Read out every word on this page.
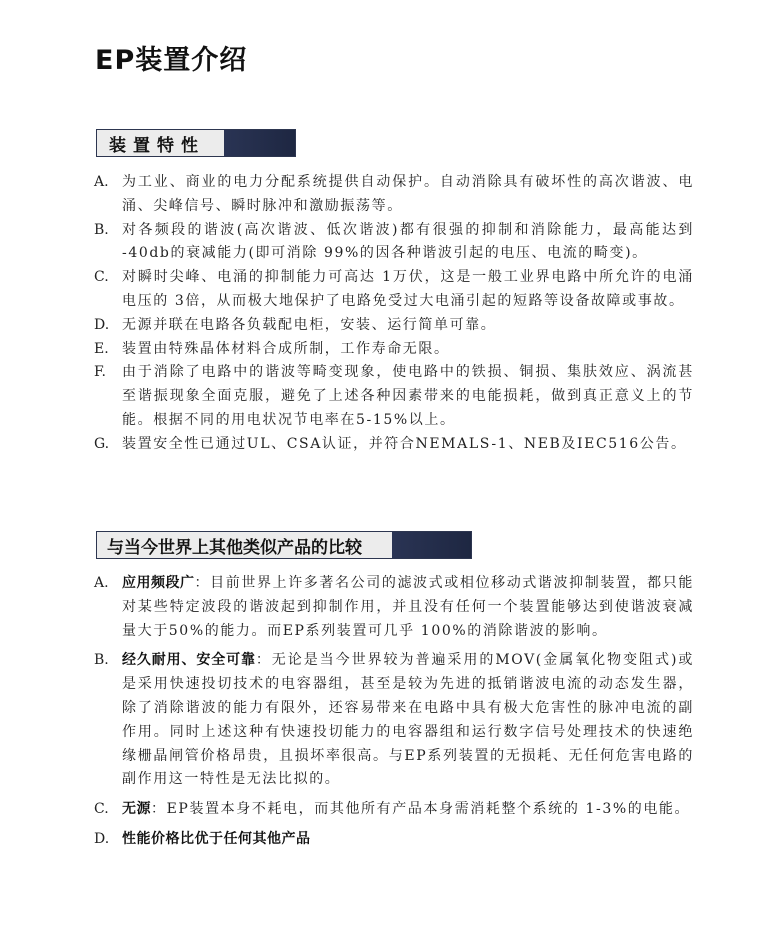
EP装置介绍
装置特性
A. 为工业、商业的电力分配系统提供自动保护。自动消除具有破坏性的高次谐波、电涌、尖峰信号、瞬时脉冲和激励振荡等。
B. 对各频段的谐波(高次谐波、低次谐波)都有很强的抑制和消除能力，最高能达到 -40db的衰减能力(即可消除 99%的因各种谐波引起的电压、电流的畸变)。
C. 对瞬时尖峰、电涌的抑制能力可高达 1万伏，这是一般工业界电路中所允许的电涌电压的 3倍，从而极大地保护了电路免受过大电涌引起的短路等设备故障或事故。
D. 无源并联在电路各负载配电柜，安装、运行简单可靠。
E. 装置由特殊晶体材料合成所制，工作寿命无限。
F.	由于消除了电路中的谐波等畸变现象，使电路中的铁损、铜损、集肤效应、涡流甚至谐振现象全面克服，避免了上述各种因素带来的电能损耗，做到真正意义上的节能。根据不同的用电状况节电率在5-15%以上。
G. 装置安全性已通过UL、CSA认证，并符合NEMALS-1、NEB及IEC516公告。
与当今世界上其他类似产品的比较
A. 应用频段广：目前世界上许多著名公司的滤波式或相位移动式谐波抑制装置，都只能对某些特定波段的谐波起到抑制作用，并且没有任何一个装置能够达到使谐波衰减量大于50%的能力。而EP系列装置可几乎 100%的消除谐波的影响。
B. 经久耐用、安全可靠：无论是当今世界较为普遍采用的MOV(金属氧化物变阻式)或是采用快速投切技术的电容器组，甚至是较为先进的抵销谐波电流的动态发生器，除了消除谐波的能力有限外，还容易带来在电路中具有极大危害性的脉冲电流的副作用。同时上述这种有快速投切能力的电容器组和运行数字信号处理技术的快速绝缘栅晶闸管价格昂贵，且损坏率很高。与EP系列装置的无损耗、无任何危害电路的副作用这一特性是无法比拟的。
C. 无源：EP装置本身不耗电，而其他所有产品本身需消耗整个系统的 1-3%的电能。
D. 性能价格比优于任何其他产品
